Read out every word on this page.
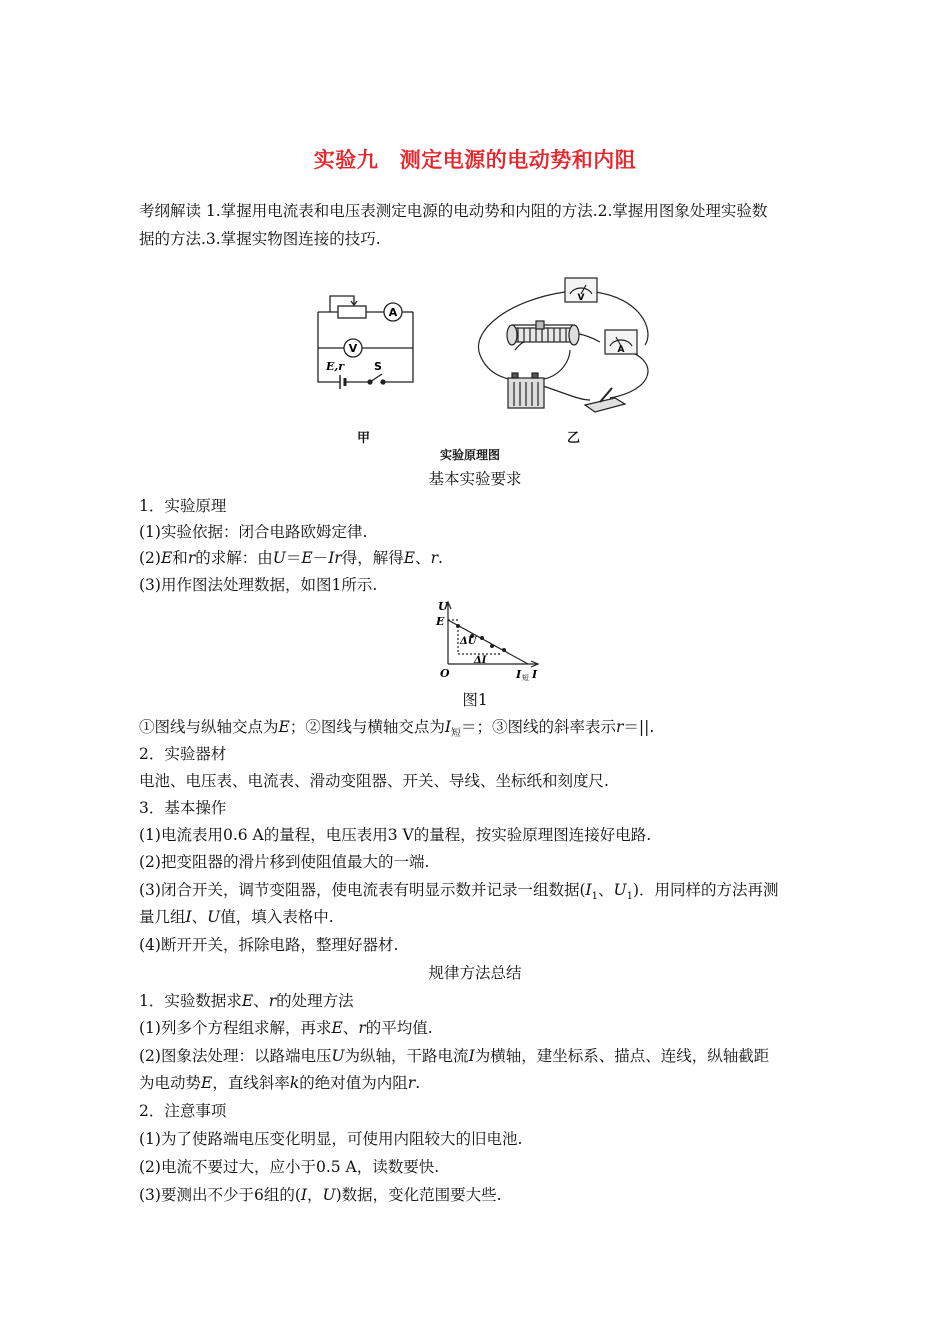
实验九　测定电源的电动势和内阻
考纲解读 1.掌握用电流表和电压表测定电源的电动势和内阻的方法.2.掌握用图象处理实验数
据的方法.3.掌握实物图连接的技巧.
A
V
E,r	S
V
A
甲	乙
实验原理图
基本实验要求
1．实验原理
(1)实验依据：闭合电路欧姆定律.
(2)E和r的求解：由U＝E－Ir得，解得E、r.
(3)用作图法处理数据，如图1所示.
U
E
O	I
I 短
ΔU
ΔI
图1
①图线与纵轴交点为E；②图线与横轴交点为$I_短=$；③图线的斜率表示r＝||.
2．实验器材
电池、电压表、电流表、滑动变阻器、开关、导线、坐标纸和刻度尺.
3．基本操作
(1)电流表用0.6 A的量程，电压表用3 V的量程，按实验原理图连接好电路.
(2)把变阻器的滑片移到使阻值最大的一端.
(3)闭合开关，调节变阻器，使电流表有明显示数并记录一组数据($I_1$、$U_1$)．用同样的方法再测
量几组I、U值，填入表格中.
(4)断开开关，拆除电路，整理好器材.
规律方法总结
1．实验数据求E、r的处理方法
(1)列多个方程组求解，再求E、r的平均值.
(2)图象法处理：以路端电压U为纵轴，干路电流I为横轴，建坐标系、描点、连线，纵轴截距
为电动势E，直线斜率k的绝对值为内阻r.
2．注意事项
(1)为了使路端电压变化明显，可使用内阻较大的旧电池.
(2)电流不要过大，应小于0.5 A，读数要快.
(3)要测出不少于6组的(I，U)数据，变化范围要大些.
